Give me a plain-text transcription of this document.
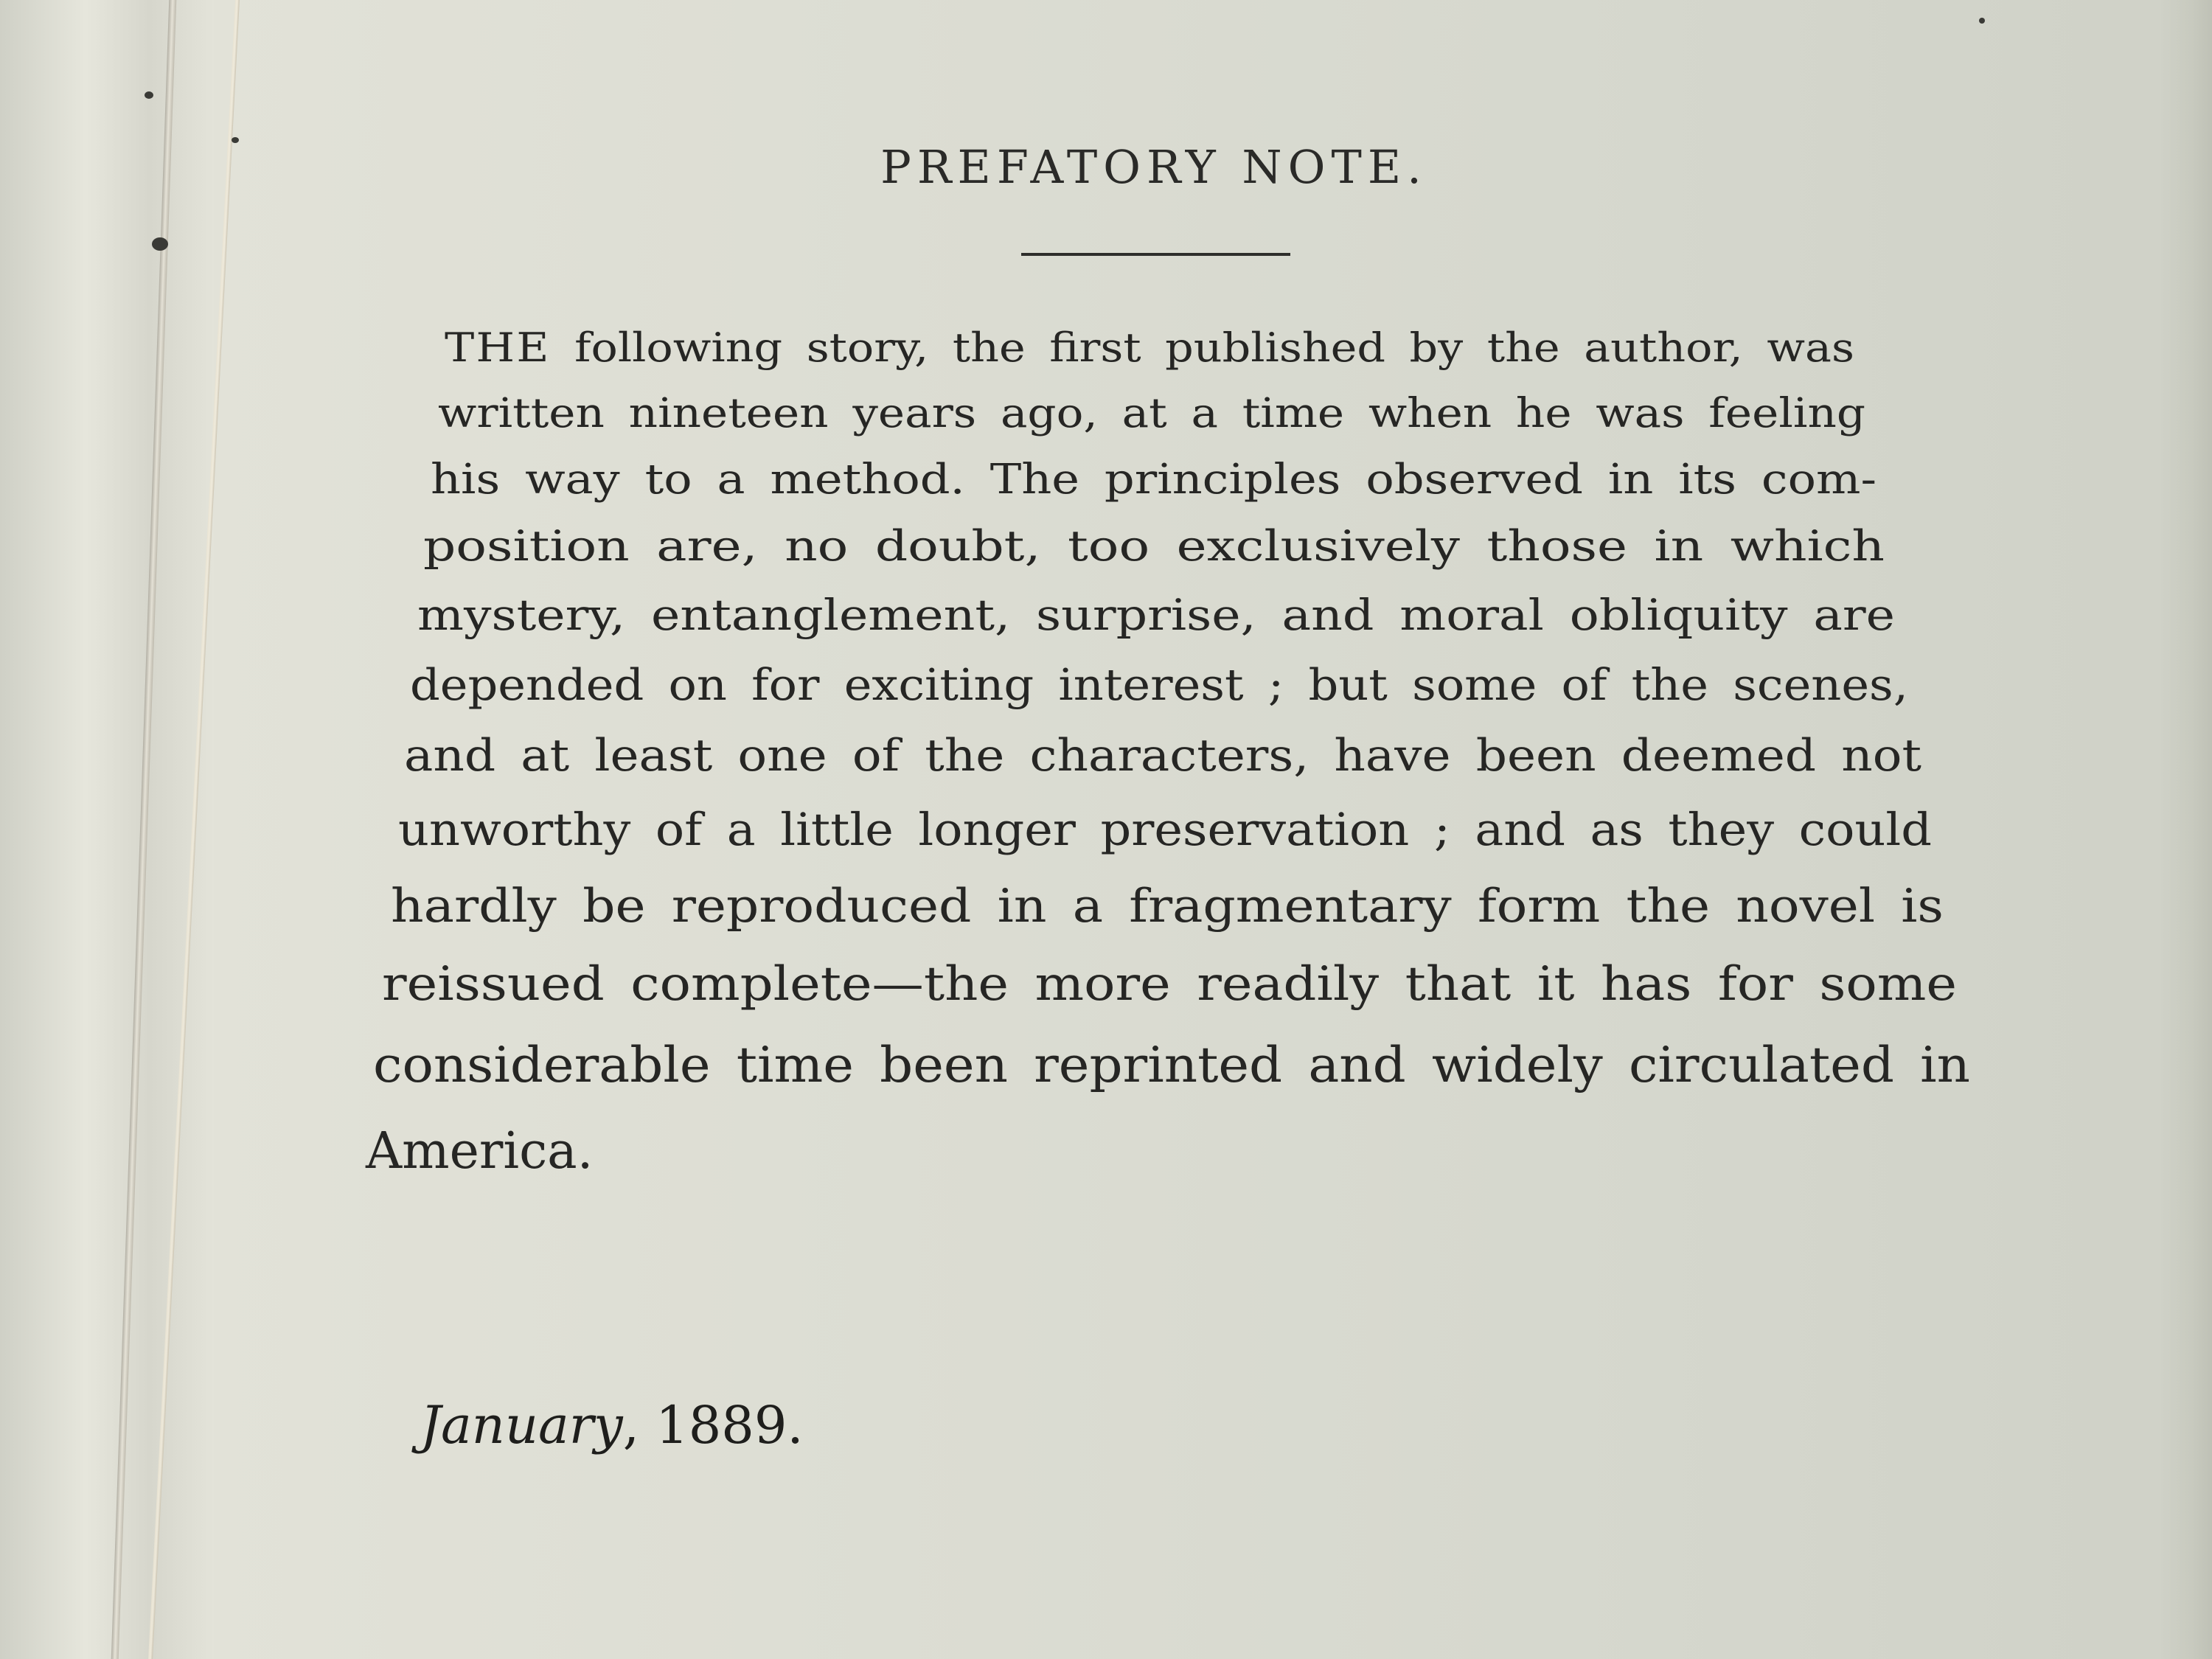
PREFATORY NOTE.
THE following story, the first published by the author, was
written nineteen years ago, at a time when he was feeling
his way to a method. The principles observed in its com-
position are, no doubt, too exclusively those in which
mystery, entanglement, surprise, and moral obliquity are
depended on for exciting interest ; but some of the scenes,
and at least one of the characters, have been deemed not
unworthy of a little longer preservation ; and as they could
hardly be reproduced in a fragmentary form the novel is
reissued complete—the more readily that it has for some
considerable time been reprinted and widely circulated in
America.
January, 1889.
